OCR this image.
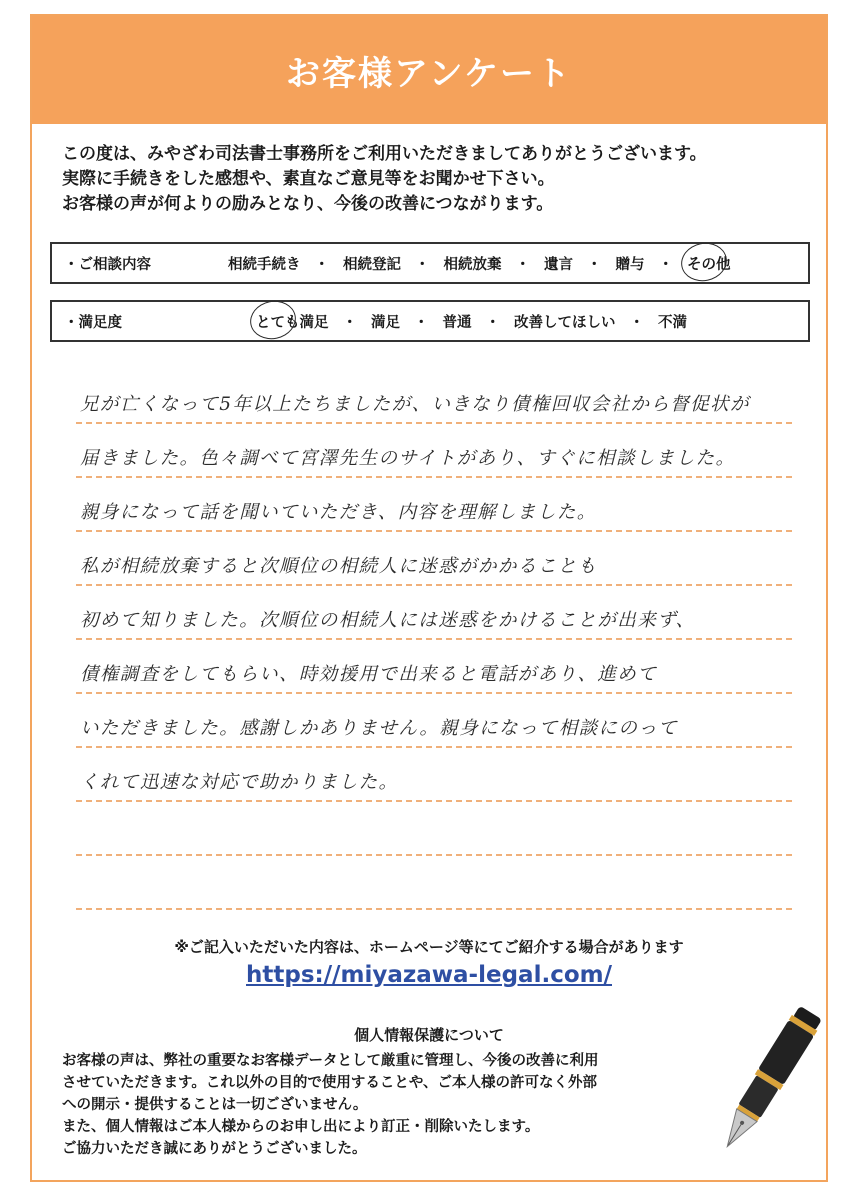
お客様アンケート
この度は、みやざわ司法書士事務所をご利用いただきましてありがとうございます。
実際に手続きをした感想や、素直なご意見等をお聞かせ下さい。
お客様の声が何よりの励みとなり、今後の改善につながります。
・ご相談内容	相続手続き ・ 相続登記 ・ 相続放棄 ・ 遺言 ・ 贈与 ・ その他
・満足度	とても満足 ・ 満足 ・ 普通 ・ 改善してほしい ・ 不満
兄が亡くなって5年以上たちましたが、いきなり債権回収会社から督促状が
届きました。色々調べて宮澤先生のサイトがあり、すぐに相談しました。
親身になって話を聞いていただき、内容を理解しました。
私が相続放棄すると次順位の相続人に迷惑がかかることも
初めて知りました。次順位の相続人には迷惑をかけることが出来ず、
債権調査をしてもらい、時効援用で出来ると電話があり、進めて
いただきました。感謝しかありません。親身になって相談にのって
くれて迅速な対応で助かりました。
※ご記入いただいた内容は、ホームページ等にてご紹介する場合があります
https://miyazawa-legal.com/
個人情報保護について
お客様の声は、弊社の重要なお客様データとして厳重に管理し、今後の改善に利用
させていただきます。これ以外の目的で使用することや、ご本人様の許可なく外部
への開示・提供することは一切ございません。
また、個人情報はご本人様からのお申し出により訂正・削除いたします。
ご協力いただき誠にありがとうございました。
